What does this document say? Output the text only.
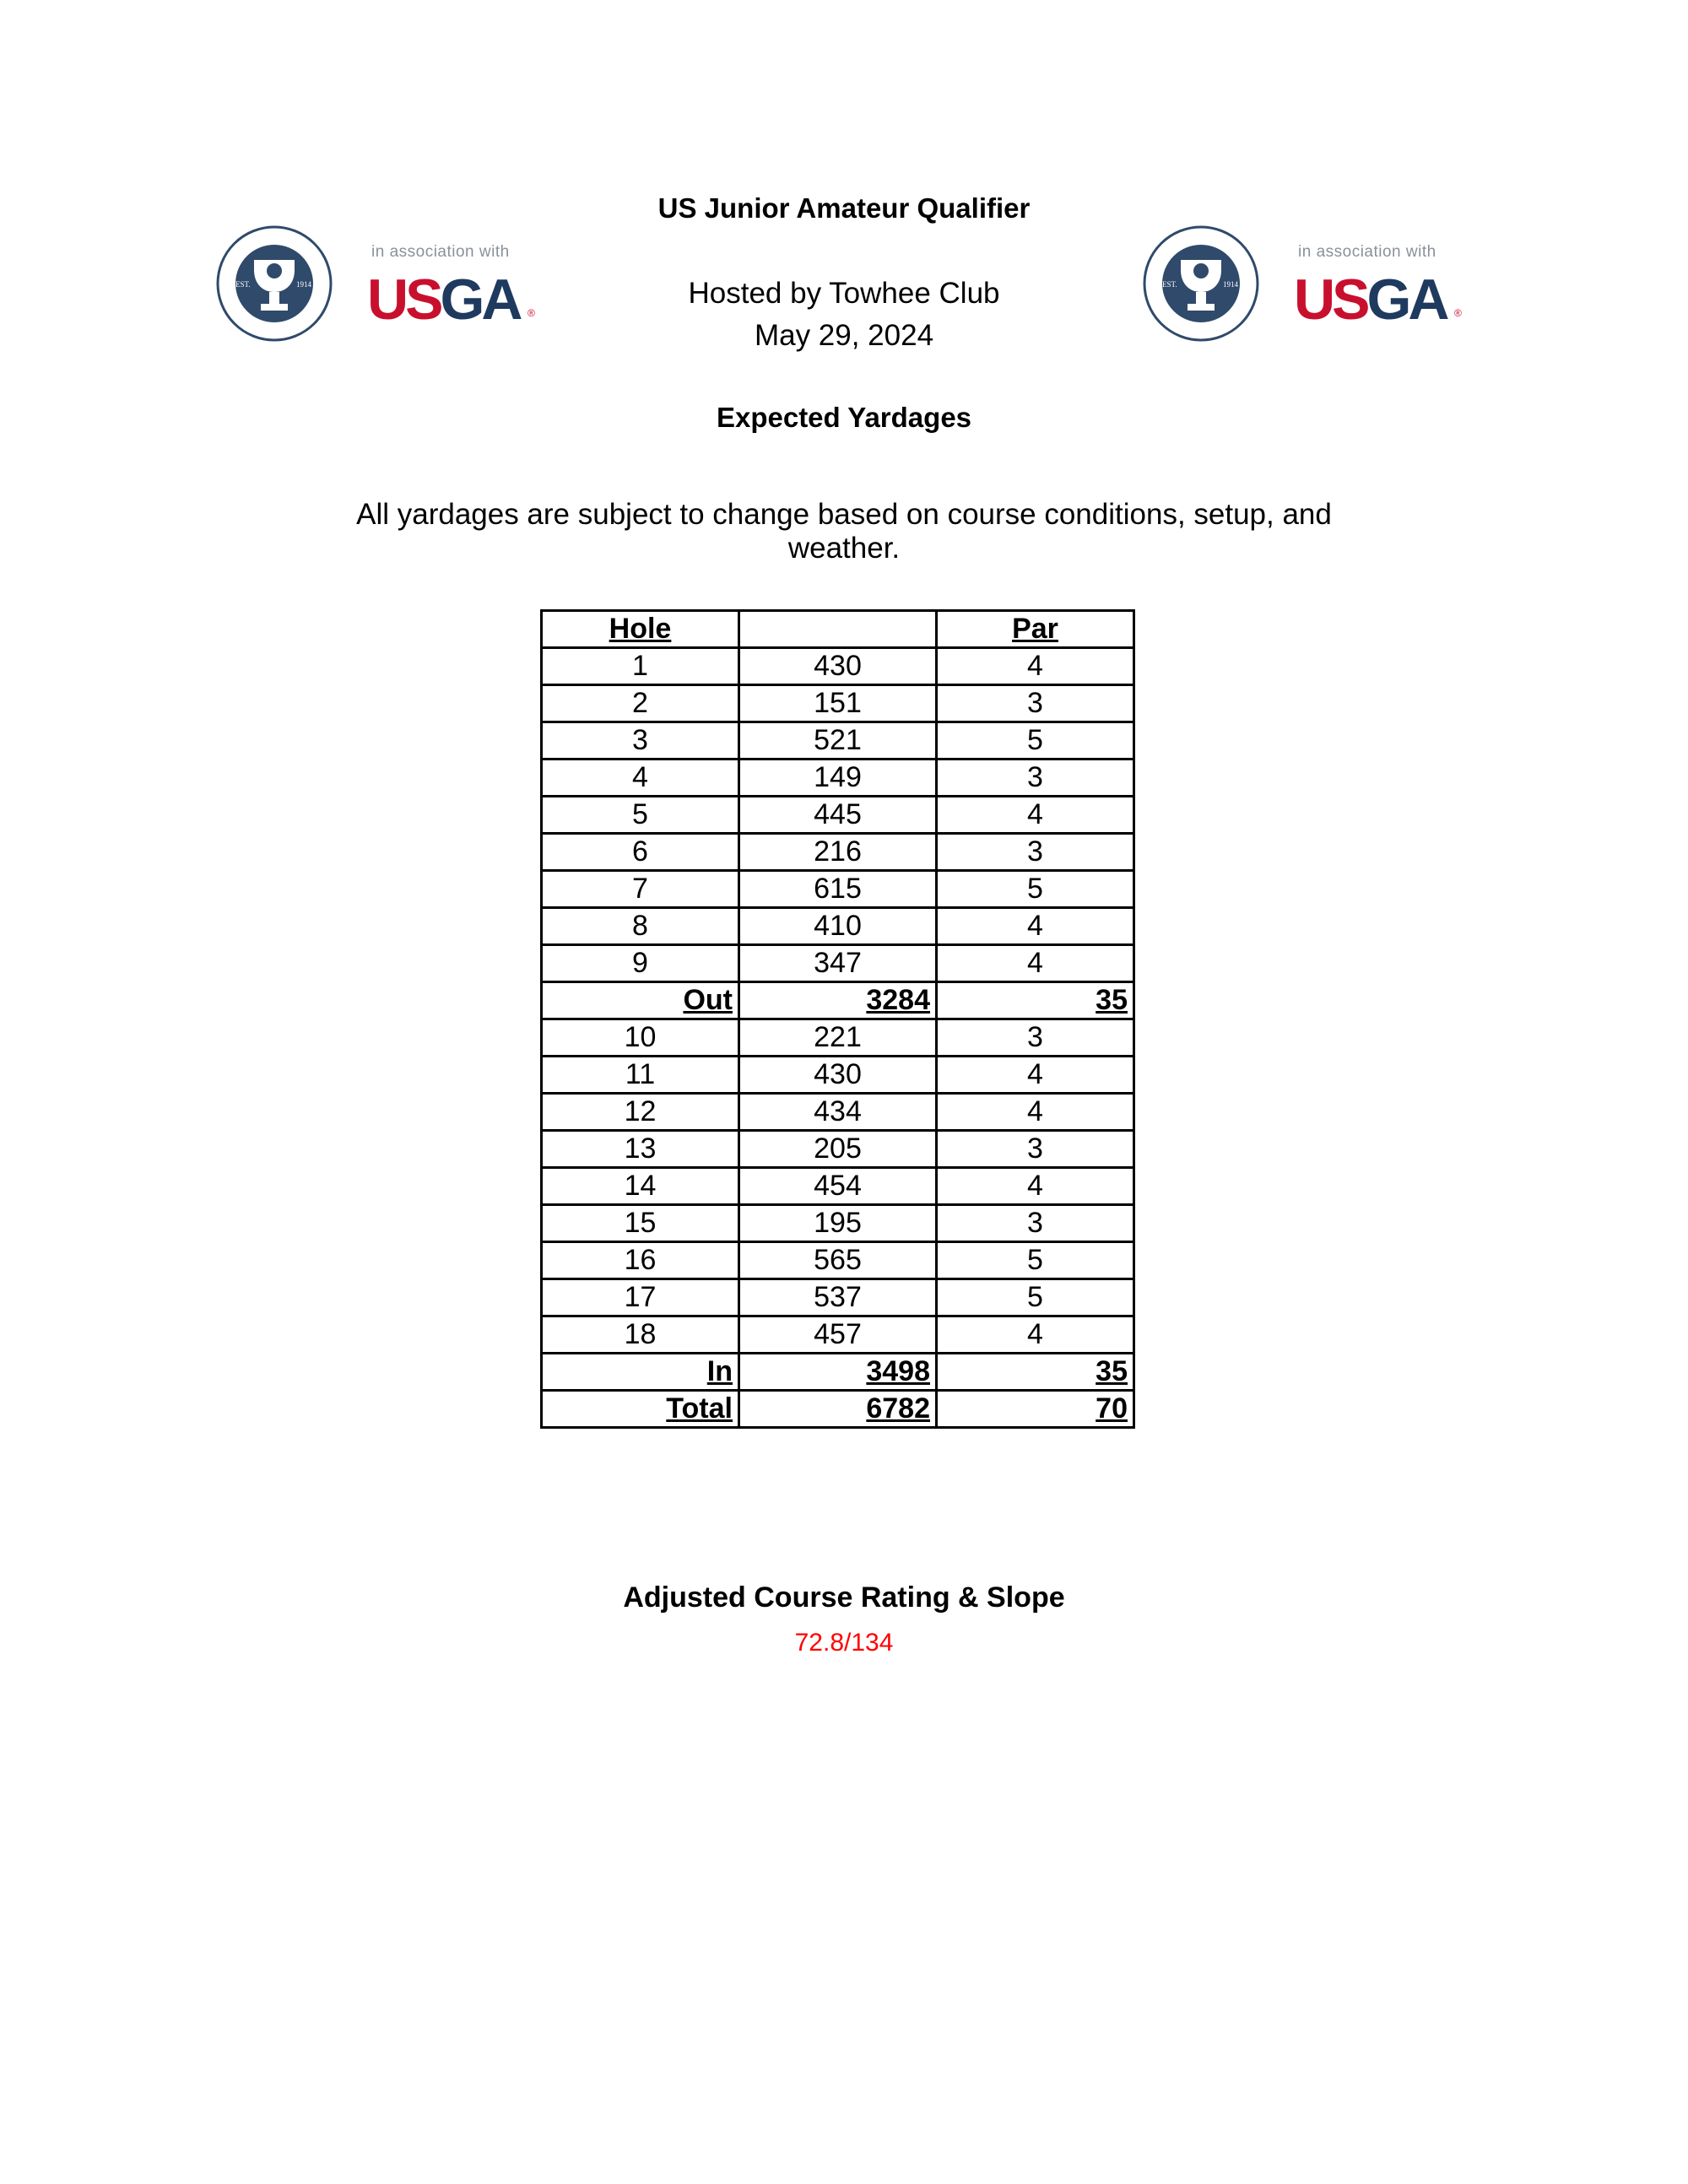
US Junior Amateur Qualifier
EST.	1914
in association with
USGA ®
EST.	1914
in association with
USGA ®
Hosted by Towhee Club
May 29, 2024
Expected Yardages
All yardages are subject to change based on course conditions, setup, and weather.
Hole		Par
1	430	4
2	151	3
3	521	5
4	149	3
5	445	4
6	216	3
7	615	5
8	410	4
9	347	4
Out	3284	35
10	221	3
11	430	4
12	434	4
13	205	3
14	454	4
15	195	3
16	565	5
17	537	5
18	457	4
In	3498	35
Total	6782	70
Adjusted Course Rating & Slope
72.8/134
